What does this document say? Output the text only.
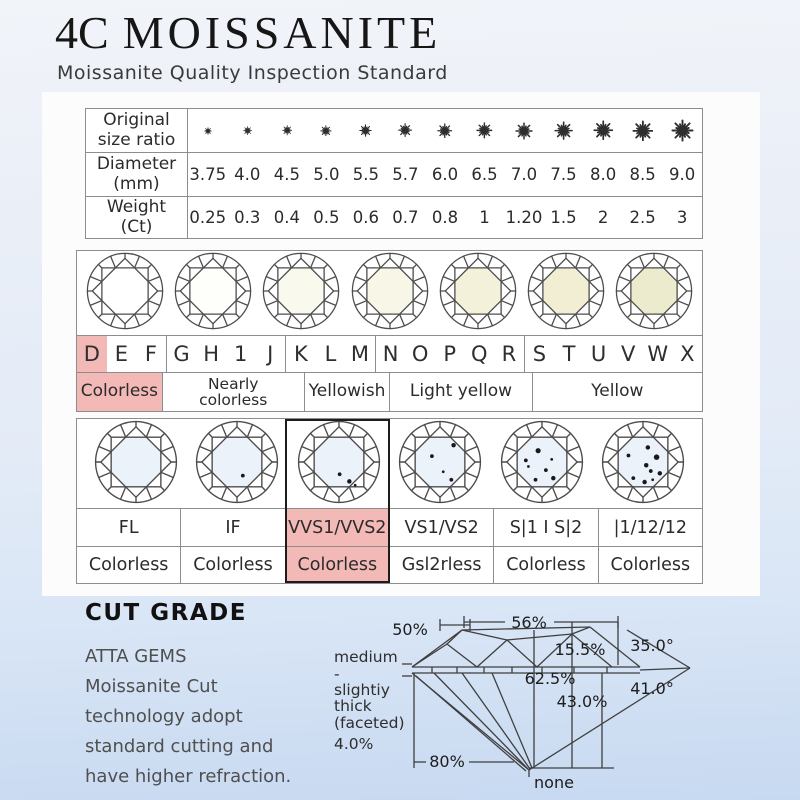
4C MOISSANITE
Moissanite Quality Inspection Standard
Original
size ratio
Diameter
(mm) 3.75 4.0 4.5 5.0 5.5 5.7 6.0 6.5 7.0 7.5 8.0 8.5 9.0
Weight
(Ct) 0.25 0.3 0.4 0.5 0.6 0.7 0.8	1 1.20 1.5	2	2.5	3
D E F G H 1 J K L M N O P Q R S T U V W X
Colorless	Nearly colorless	Yellowish	Light yellow	Yellow
FL	IF	VVS1/VVS2	VS1/VS2	S|1 I S|2	|1/12/12
Colorless	Colorless	Colorless	Gsl2rless	Colorless	Colorless
CUT GRADE
ATTA GEMS
Moissanite Cut
technology adopt
standard cutting and
have higher refraction.
50%	56%
15.5% 35.0°
62.5%
43.0%
41.0°
80%
none
medium
-
slightiy
thick
(faceted)
4.0%
